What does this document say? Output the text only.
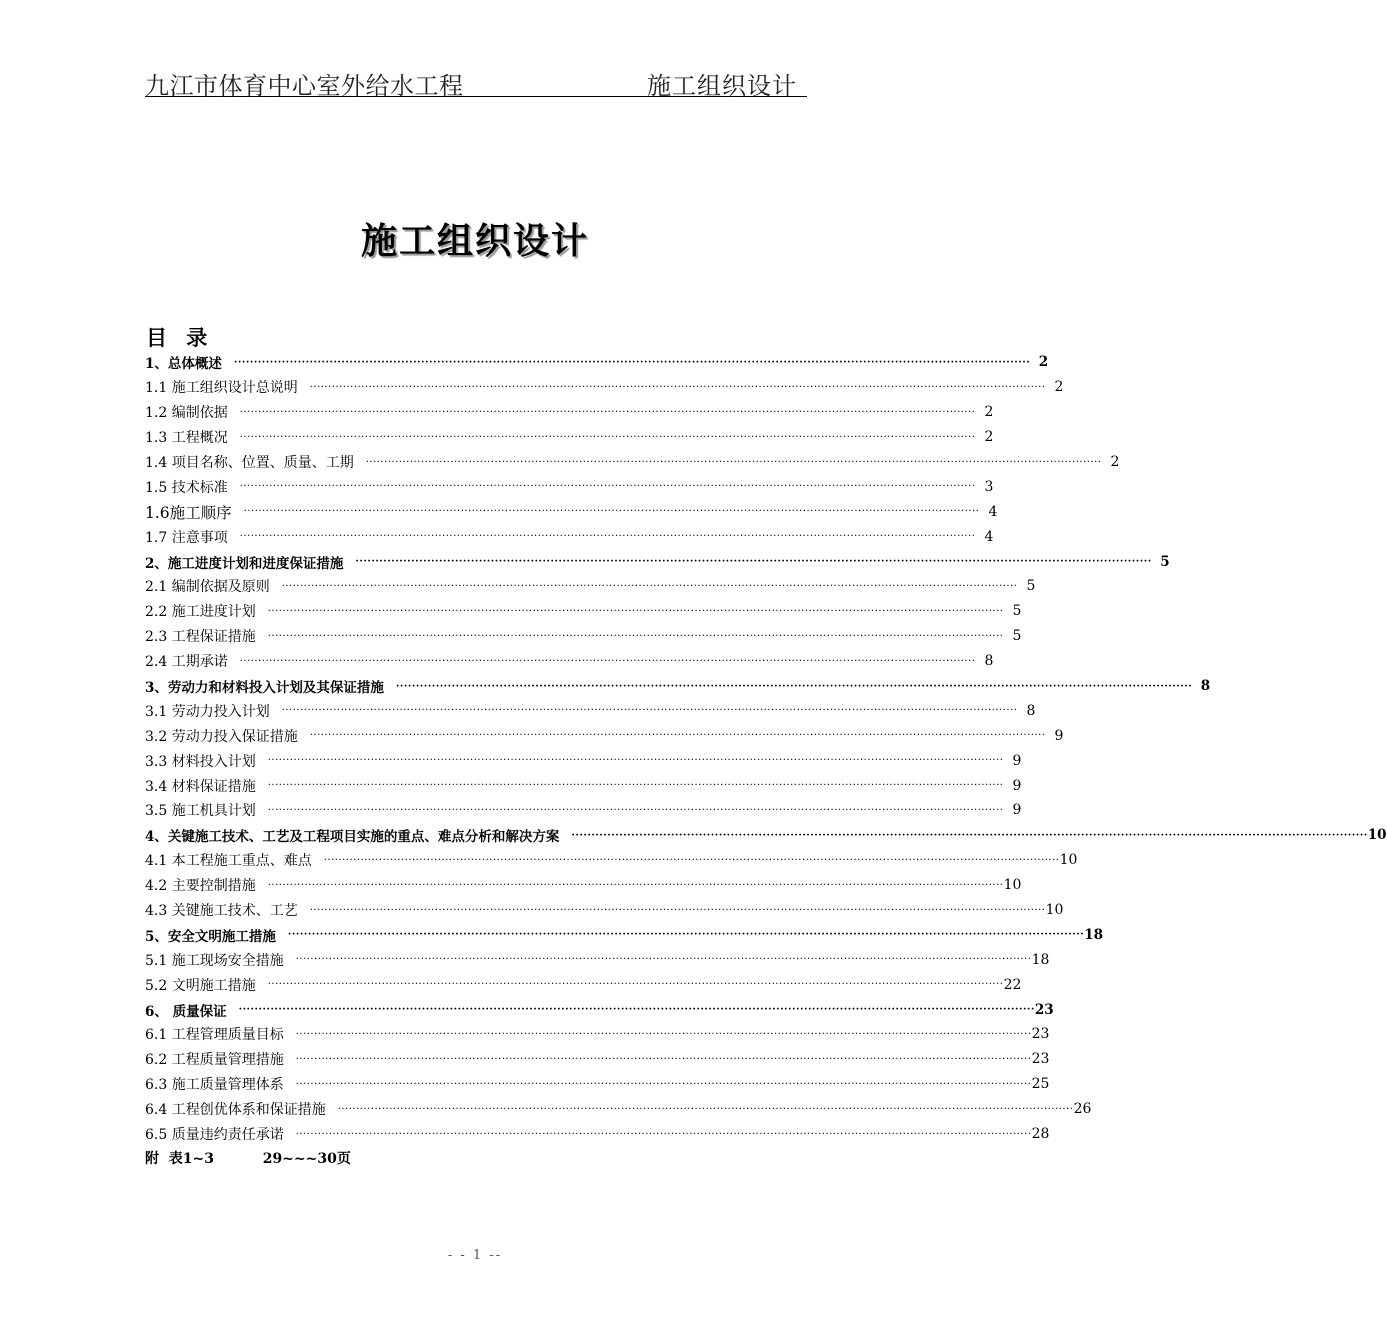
九江市体育中心室外给水工程	施工组织设计
施工组织设计
目 录
1、总体概述 ········································································································································································································ 2
1.1 施工组织设计总说明 ········································································································································································································ 2
1.2 编制依据 ········································································································································································································ 2
1.3 工程概况 ········································································································································································································ 2
1.4 项目名称、位置、质量、工期 ········································································································································································································ 2
1.5 技术标准 ········································································································································································································ 3
1.6施工顺序 ········································································································································································································ 4
1.7 注意事项 ········································································································································································································ 4
2、施工进度计划和进度保证措施 ········································································································································································································ 5
2.1 编制依据及原则 ········································································································································································································ 5
2.2 施工进度计划 ········································································································································································································ 5
2.3 工程保证措施 ········································································································································································································ 5
2.4 工期承诺 ········································································································································································································ 8
3、劳动力和材料投入计划及其保证措施 ········································································································································································································ 8
3.1 劳动力投入计划 ········································································································································································································ 8
3.2 劳动力投入保证措施 ········································································································································································································ 9
3.3 材料投入计划 ········································································································································································································ 9
3.4 材料保证措施 ········································································································································································································ 9
3.5 施工机具计划 ········································································································································································································ 9
4、关键施工技术、工艺及工程项目实施的重点、难点分析和解决方案 ········································································································································································································ 10
4.1 本工程施工重点、难点 ········································································································································································································ 10
4.2 主要控制措施 ········································································································································································································ 10
4.3 关键施工技术、工艺 ········································································································································································································ 10
5、安全文明施工措施 ········································································································································································································ 18
5.1 施工现场安全措施 ········································································································································································································ 18
5.2 文明施工措施 ········································································································································································································ 22
6、 质量保证 ········································································································································································································ 23
6.1 工程管理质量目标 ········································································································································································································ 23
6.2 工程质量管理措施 ········································································································································································································ 23
6.3 施工质量管理体系 ········································································································································································································ 25
6.4 工程创优体系和保证措施 ········································································································································································································ 26
6.5 质量违约责任承诺 ········································································································································································································ 28
附  表1~3          29~~~30页
- - 1 --
